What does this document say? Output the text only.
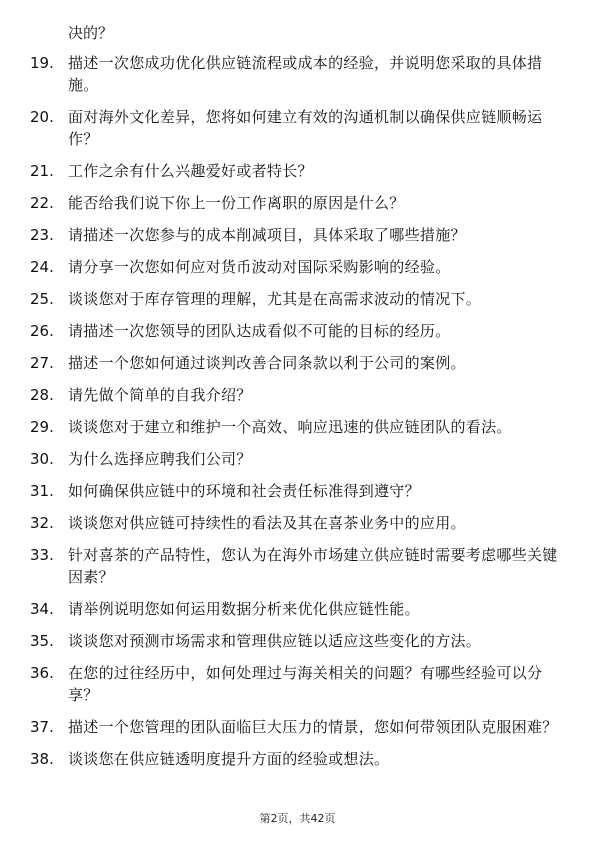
决的？
19. 描述一次您成功优化供应链流程或成本的经验，并说明您采取的具体措施。
20. 面对海外文化差异，您将如何建立有效的沟通机制以确保供应链顺畅运作？
21. 工作之余有什么兴趣爱好或者特长？
22. 能否给我们说下你上一份工作离职的原因是什么？
23. 请描述一次您参与的成本削减项目，具体采取了哪些措施？
24. 请分享一次您如何应对货币波动对国际采购影响的经验。
25. 谈谈您对于库存管理的理解，尤其是在高需求波动的情况下。
26. 请描述一次您领导的团队达成看似不可能的目标的经历。
27. 描述一个您如何通过谈判改善合同条款以利于公司的案例。
28. 请先做个简单的自我介绍？
29. 谈谈您对于建立和维护一个高效、响应迅速的供应链团队的看法。
30. 为什么选择应聘我们公司？
31. 如何确保供应链中的环境和社会责任标准得到遵守？
32. 谈谈您对供应链可持续性的看法及其在喜茶业务中的应用。
33. 针对喜茶的产品特性，您认为在海外市场建立供应链时需要考虑哪些关键因素？
34. 请举例说明您如何运用数据分析来优化供应链性能。
35. 谈谈您对预测市场需求和管理供应链以适应这些变化的方法。
36. 在您的过往经历中，如何处理过与海关相关的问题？有哪些经验可以分享？
37. 描述一个您管理的团队面临巨大压力的情景，您如何带领团队克服困难？
38. 谈谈您在供应链透明度提升方面的经验或想法。
第2页，共42页
